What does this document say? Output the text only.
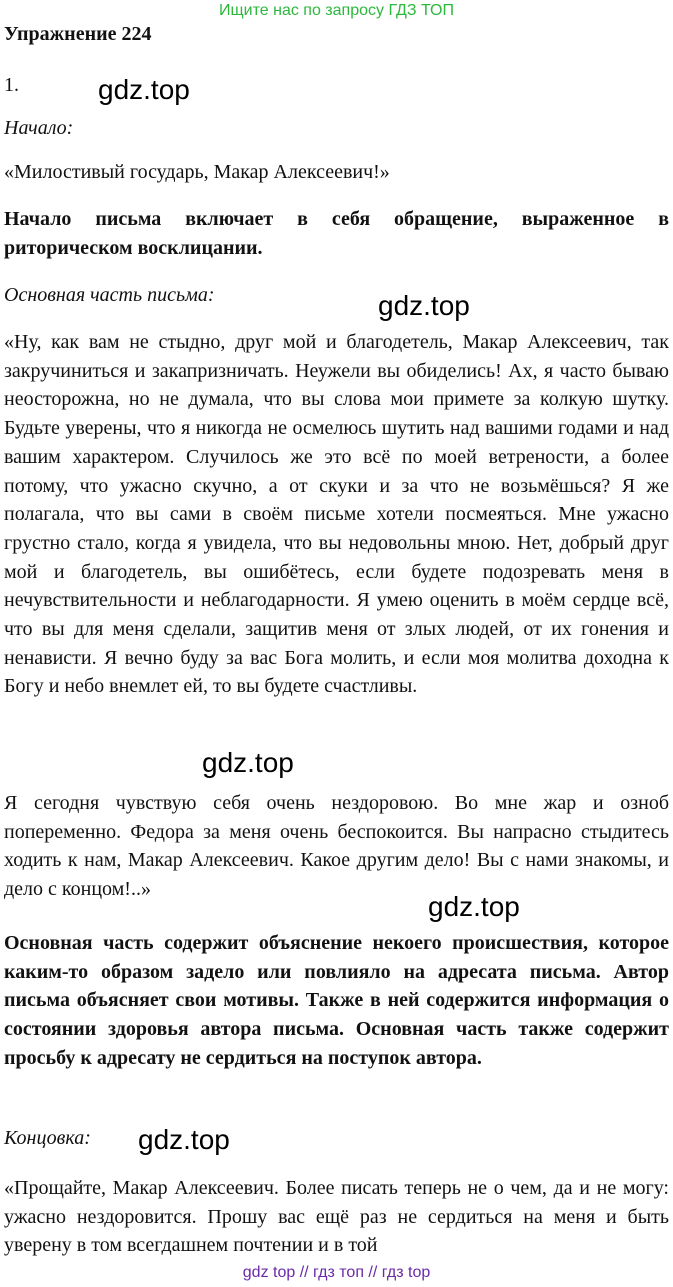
Ищите нас по запросу ГДЗ ТОП
Упражнение 224
1.

Начало:

«Милостивый государь, Макар Алексеевич!»

Начало письма включает в себя обращение, выраженное в риторическом восклицании.

Основная часть письма:

«Ну, как вам не стыдно, друг мой и благодетель, Макар Алексеевич, так закручиниться и закапризничать. Неужели вы обиделись! Ах, я часто бываю неосторожна, но не думала, что вы слова мои примете за колкую шутку. Будьте уверены, что я никогда не осмелюсь шутить над вашими годами и над вашим характером. Случилось же это всё по моей ветрености, а более потому, что ужасно скучно, а от скуки и за что не возьмёшься? Я же полагала, что вы сами в своём письме хотели посмеяться. Мне ужасно грустно стало, когда я увидела, что вы недовольны мною. Нет, добрый друг мой и благодетель, вы ошибётесь, если будете подозревать меня в нечувствительности и неблагодарности. Я умею оценить в моём сердце всё, что вы для меня сделали, защитив меня от злых людей, от их гонения и ненависти. Я вечно буду за вас Бога молить, и если моя молитва доходна к Богу и небо внемлет ей, то вы будете счастливы.

Я сегодня чувствую себя очень нездоровою. Во мне жар и озноб попеременно. Федора за меня очень беспокоится. Вы напрасно стыдитесь ходить к нам, Макар Алексеевич. Какое другим дело! Вы с нами знакомы, и дело с концом!..»

Основная часть содержит объяснение некоего происшествия, которое каким-то образом задело или повлияло на адресата письма. Автор письма объясняет свои мотивы. Также в ней содержится информация о состоянии здоровья автора письма. Основная часть также содержит просьбу к адресату не сердиться на поступок автора.

Концовка:

«Прощайте, Макар Алексеевич. Более писать теперь не о чем, да и не могу: ужасно нездоровится. Прошу вас ещё раз не сердиться на меня и быть уверену в том всегдашнем почтении и в той

gdz.top
gdz.top
gdz.top
gdz.top
gdz.top
gdz top // гдз топ // гдз top
